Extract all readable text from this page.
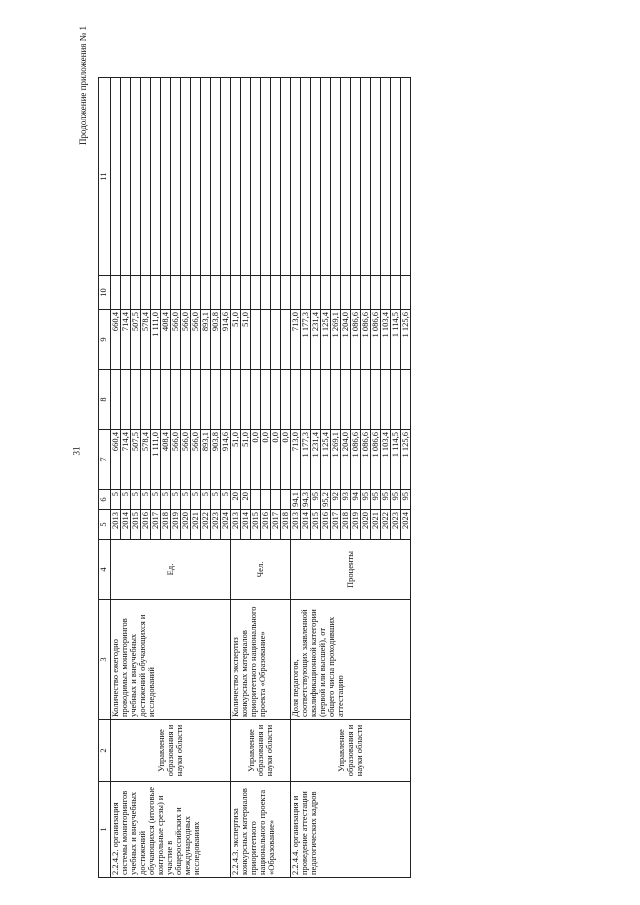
31
Продолжение приложения № 1
1	2	3	4	5	6	7	8	9	10	11
2.2.4.2. организация системы мониторингов учебных и внеучебных достижений обучающихся (итоговые контрольные срезы) и участие в общероссийских и международных исследованиях	Управление образования и науки области	Количество ежегодно проводимых мониторингов учебных и внеучебных достижений обучающихся и исследований	Ед.	2013	5	660,4		660,4		
				2014	5	714,4		714,4		
				2015	5	507,5		507,5		
				2016	5	578,4		578,4		
				2017	5	1 111,0		1 111,0		
				2018	5	408,4		408,4		
				2019	5	566,0		566,0		
				2020	5	566,0		566,0		
				2021	5	566,0		566,0		
				2022	5	893,1		893,1		
				2023	5	903,8		903,8		
				2024	5	914,6		914,6		
2.2.4.3. экспертиза конкурсных материалов приоритетного национального проекта «Образование»	Управление образования и науки области	Количество экспертиз конкурсных материалов приоритетного национального проекта «Образование»	Чел.	2013	20	51,0		51,0		
				2014	20	51,0		51,0		
				2015		0,0				
				2016		0,0				
				2017		0,0				
				2018		0,0				
2.2.4.4. организация и проведение аттестации педагогических кадров	Управление образования и науки области	Доля педагогов, соответствующих заявленной квалификационной категории (первой или высшей), от общего числа проходивших аттестацию	Проценты	2013	94,1	713,0		713,0		
				2014	94,3	1 177,3		1 177,3		
				2015	95	1 231,4		1 231,4		
				2016	95,2	1 125,4		1 125,4		
				2017	92	1 269,1		1 269,1		
				2018	93	1 204,0		1 204,0		
				2019	94	1 086,6		1 086,6		
				2020	95	1 086,6		1 086,6		
				2021	95	1 086,6		1 086,6		
				2022	95	1 103,4		1 103,4		
				2023	95	1 114,5		1 114,5		
				2024	95	1 125,6		1 125,6		
